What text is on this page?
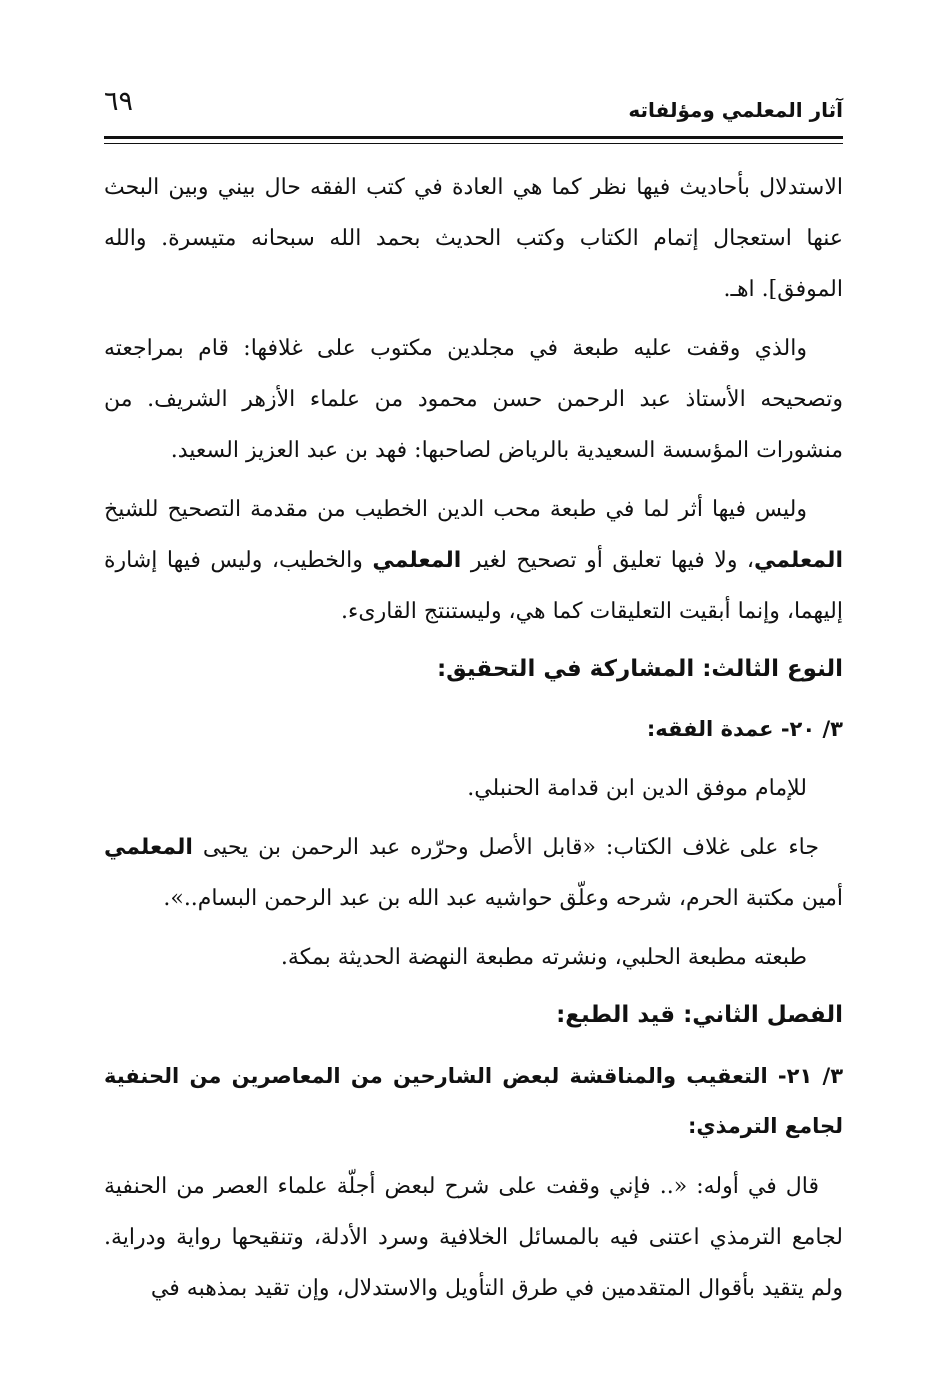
آثار المعلمي ومؤلفاته
٦٩

الاستدلال بأحاديث فيها نظر كما هي العادة في كتب الفقه حال بيني وبين البحث عنها استعجال إتمام الكتاب وكتب الحديث بحمد الله سبحانه متيسرة. والله الموفق]. اهـ.

والذي وقفت عليه طبعة في مجلدين مكتوب على غلافها: قام بمراجعته وتصحيحه الأستاذ عبد الرحمن حسن محمود من علماء الأزهر الشريف. من منشورات المؤسسة السعيدية بالرياض لصاحبها: فهد بن عبد العزيز السعيد.

وليس فيها أثر لما في طبعة محب الدين الخطيب من مقدمة التصحيح للشيخ المعلمي، ولا فيها تعليق أو تصحيح لغير المعلمي والخطيب، وليس فيها إشارة إليهما، وإنما أبقيت التعليقات كما هي، وليستنتج القارىء.

النوع الثالث: المشاركة في التحقيق:
٣/ ٢٠- عمدة الفقه:

للإمام موفق الدين ابن قدامة الحنبلي.

جاء على غلاف الكتاب: «قابل الأصل وحرّره عبد الرحمن بن يحيى المعلمي أمين مكتبة الحرم، شرحه وعلّق حواشيه عبد الله بن عبد الرحمن البسام..».

طبعته مطبعة الحلبي، ونشرته مطبعة النهضة الحديثة بمكة.

الفصل الثاني: قيد الطبع:
٣/ ٢١- التعقيب والمناقشة لبعض الشارحين من المعاصرين من الحنفية لجامع الترمذي:

قال في أوله: «.. فإني وقفت على شرح لبعض أجلّة علماء العصر من الحنفية لجامع الترمذي اعتنى فيه بالمسائل الخلافية وسرد الأدلة، وتنقيحها رواية ودراية. ولم يتقيد بأقوال المتقدمين في طرق التأويل والاستدلال، وإن تقيد بمذهبه في
